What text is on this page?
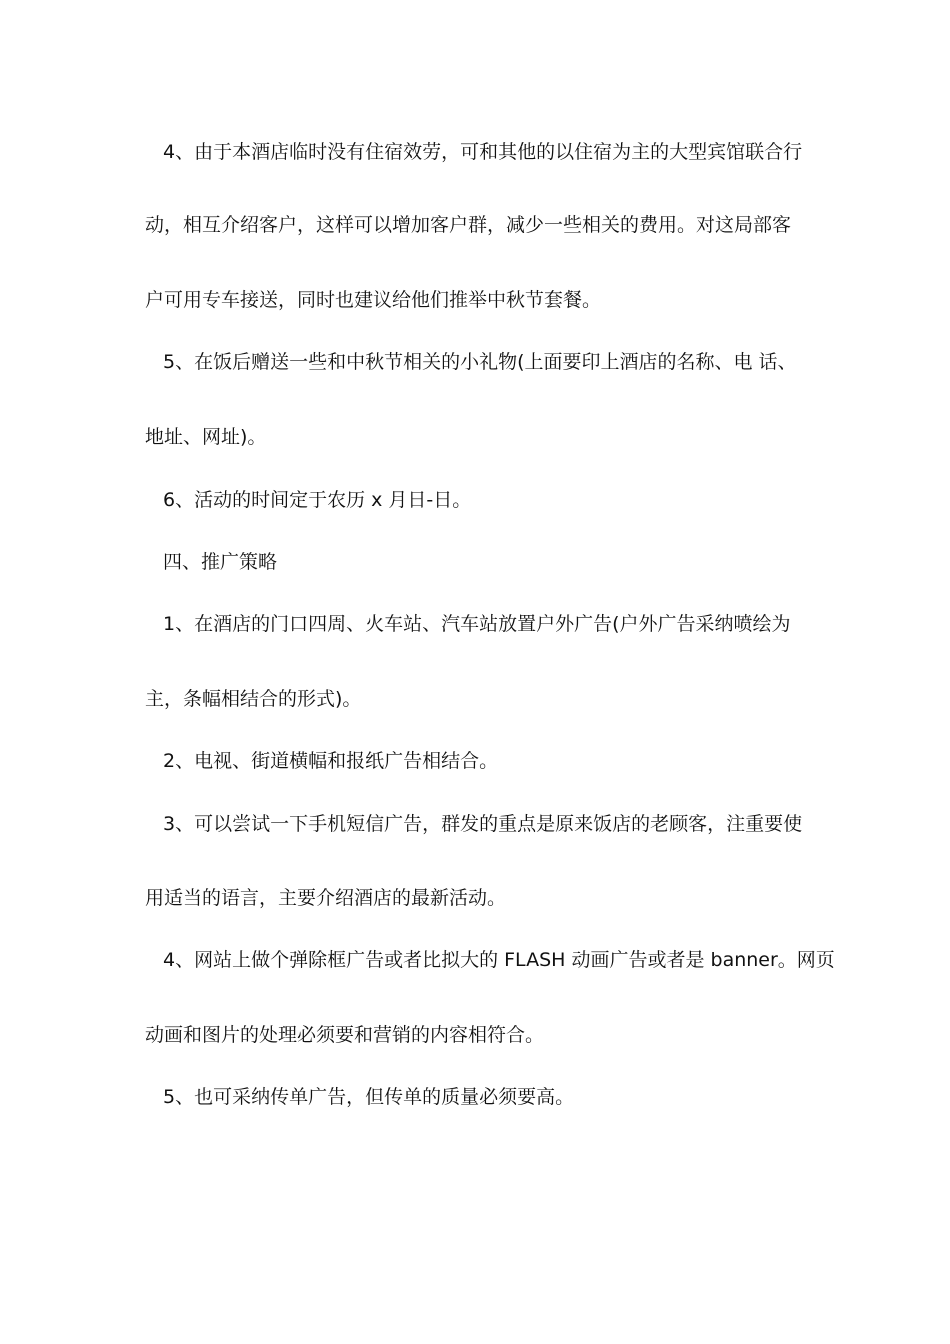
4、由于本酒店临时没有住宿效劳，可和其他的以住宿为主的大型宾馆联合行
动，相互介绍客户，这样可以增加客户群，减少一些相关的费用。对这局部客
户可用专车接送，同时也建议给他们推举中秋节套餐。
5、在饭后赠送一些和中秋节相关的小礼物(上面要印上酒店的名称、电 话、
地址、网址)。
6、活动的时间定于农历 x 月日-日。
四、推广策略
1、在酒店的门口四周、火车站、汽车站放置户外广告(户外广告采纳喷绘为
主，条幅相结合的形式)。
2、电视、街道横幅和报纸广告相结合。
3、可以尝试一下手机短信广告，群发的重点是原来饭店的老顾客，注重要使
用适当的语言，主要介绍酒店的最新活动。
4、网站上做个弹除框广告或者比拟大的 FLASH 动画广告或者是 banner。网页
动画和图片的处理必须要和营销的内容相符合。
5、也可采纳传单广告，但传单的质量必须要高。
